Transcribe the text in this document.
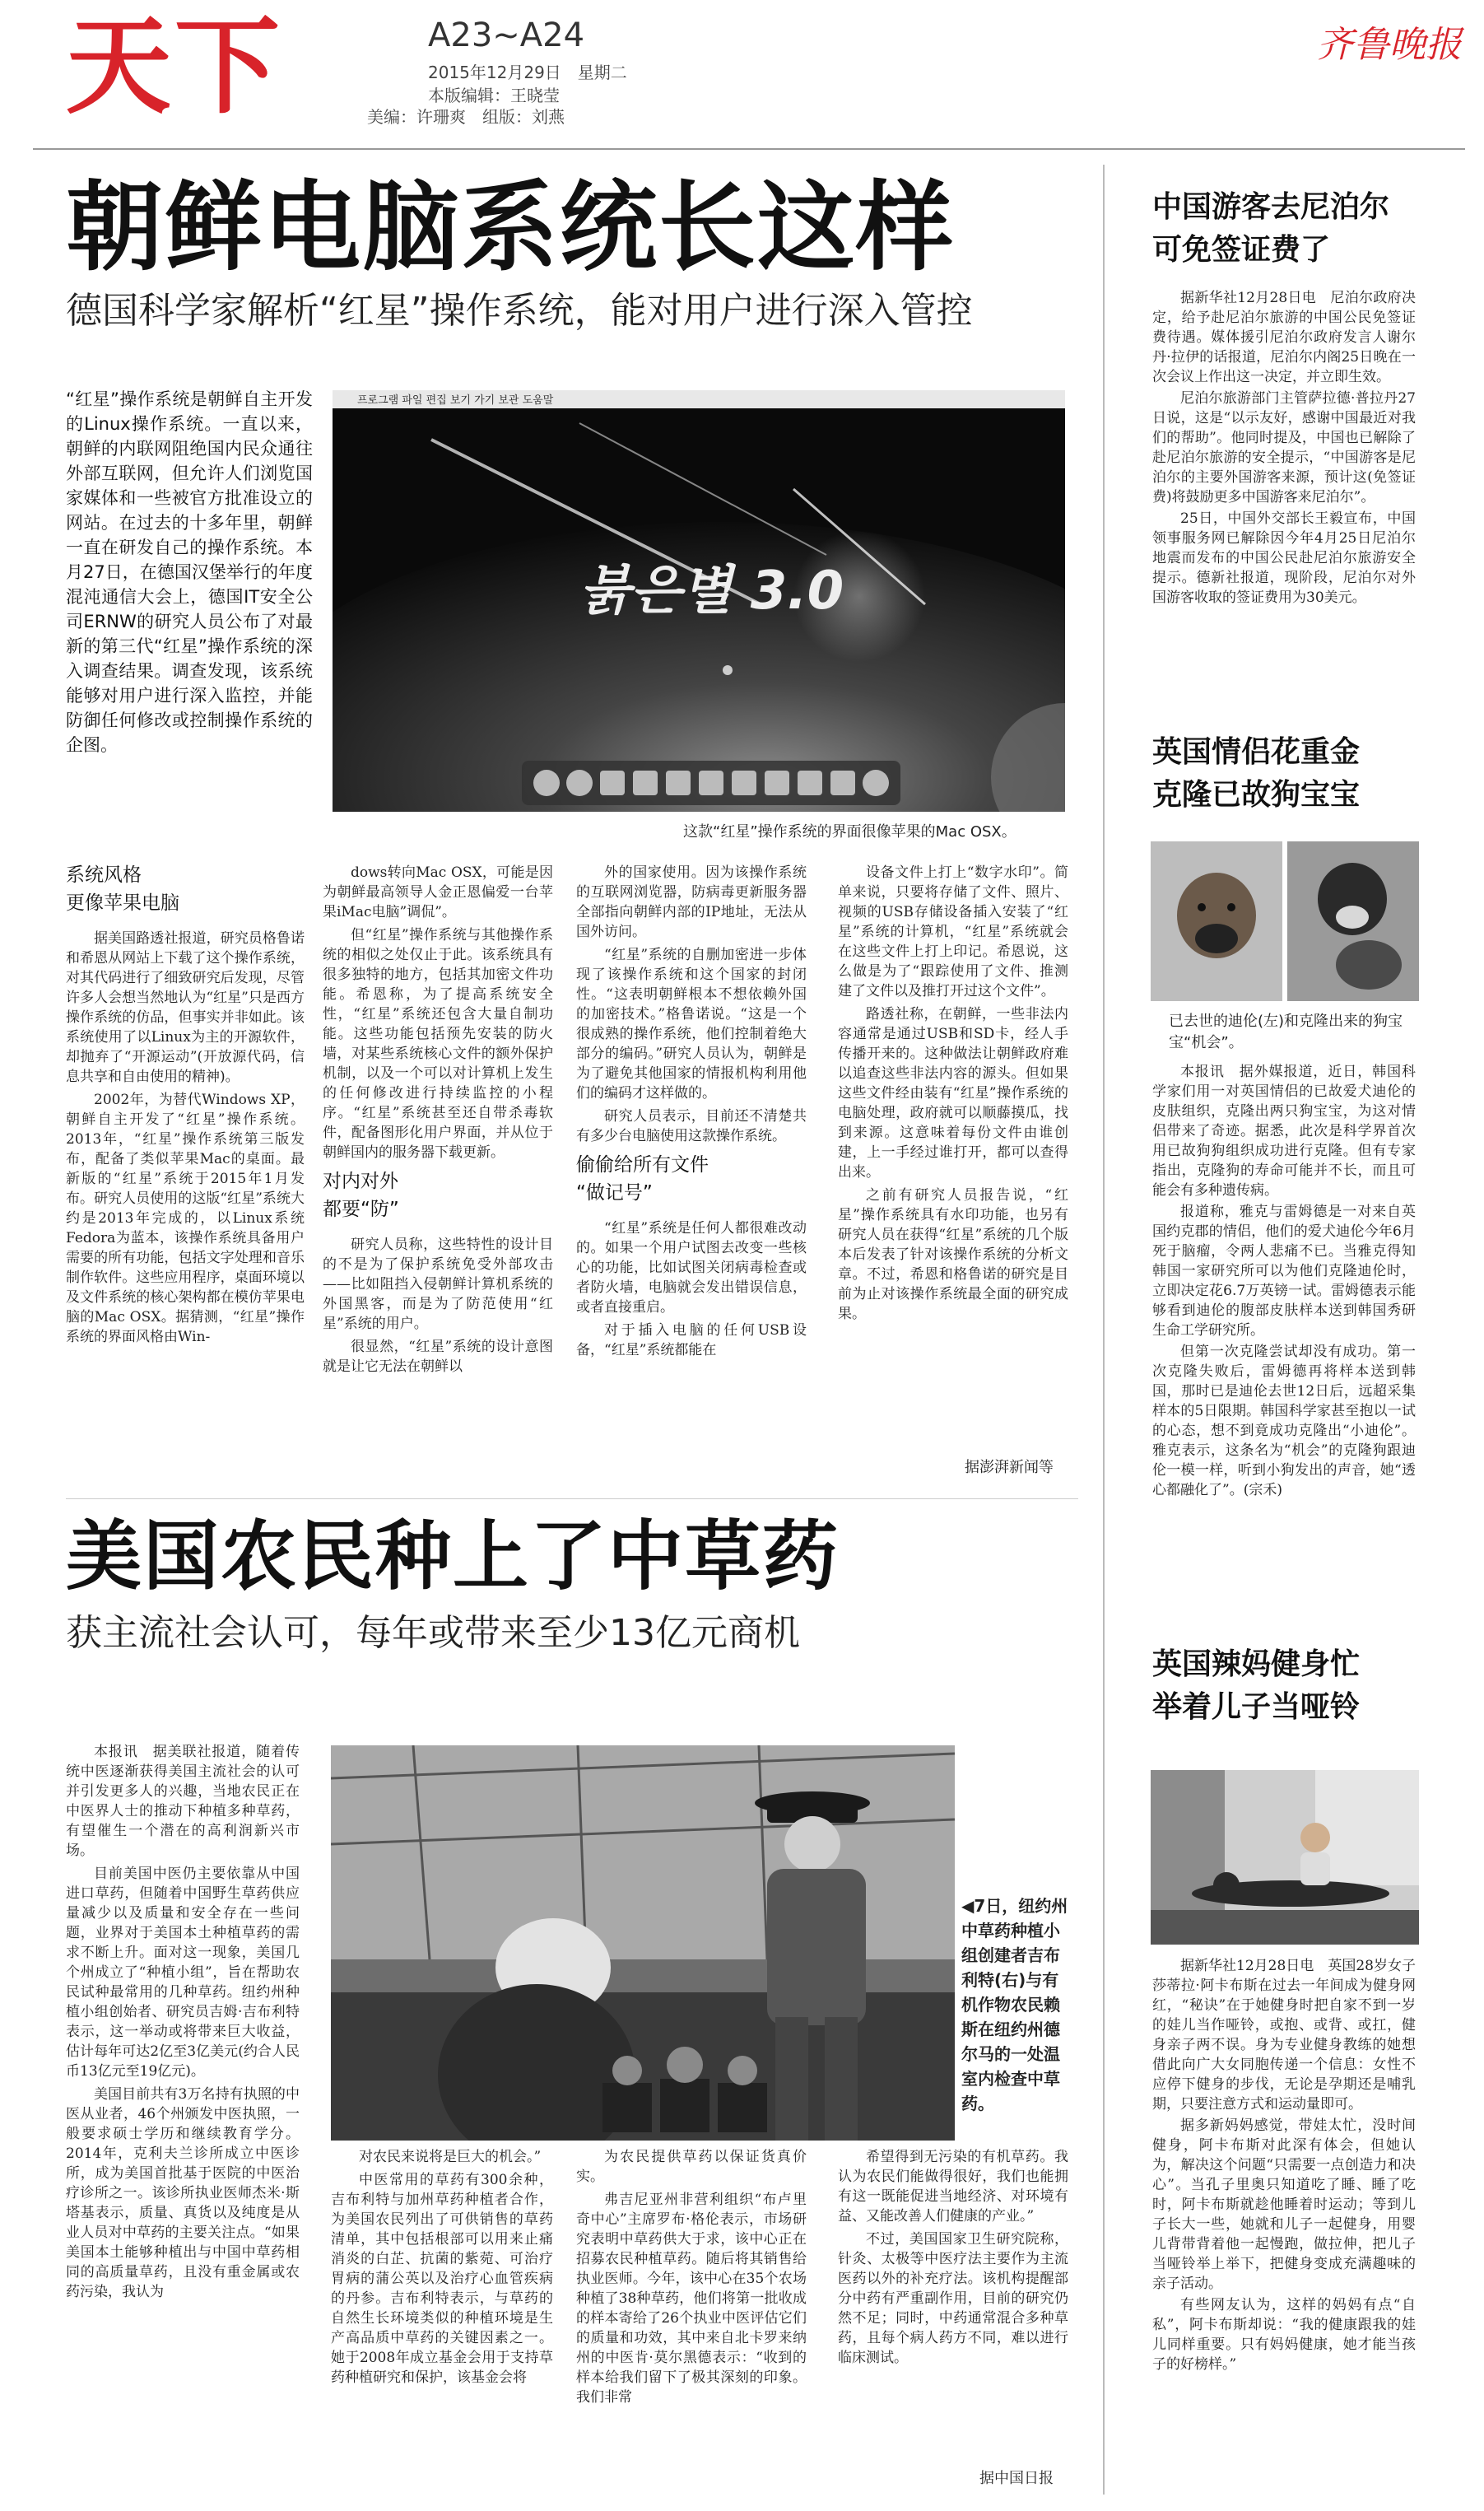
天下	A23~A24	齐鲁晚报
2015年12月29日　星期二
本版编辑：王晓莹
美编：许珊爽　组版：刘燕
朝鲜电脑系统长这样
德国科学家解析“红星”操作系统，能对用户进行深入管控
“红星”操作系统是朝鲜自主开发的Linux操作系统。一直以来，朝鲜的内联网阻绝国内民众通往外部互联网，但允许人们浏览国家媒体和一些被官方批准设立的网站。在过去的十多年里，朝鲜一直在研发自己的操作系统。本月27日，在德国汉堡举行的年度混沌通信大会上，德国IT安全公司ERNW的研究人员公布了对最新的第三代“红星”操作系统的深入调查结果。调查发现，该系统能够对用户进行深入监控，并能防御任何修改或控制操作系统的企图。
프로그램 파일 편집 보기 가기 보관 도움말
붉은별 3.0
这款“红星”操作系统的界面很像苹果的Mac OSX。
系统风格
更像苹果电脑

据美国路透社报道，研究员格鲁诺和希恩从网站上下载了这个操作系统，对其代码进行了细致研究后发现，尽管许多人会想当然地认为“红星”只是西方操作系统的仿品，但事实并非如此。该系统使用了以Linux为主的开源软件，却抛弃了“开源运动”(开放源代码，信息共享和自由使用的精神)。

2002年，为替代Windows XP，朝鲜自主开发了“红星”操作系统。2013年，“红星”操作系统第三版发布，配备了类似苹果Mac的桌面。最新版的“红星”系统于2015年1月发布。研究人员使用的这版“红星”系统大约是2013年完成的，以Linux系统Fedora为蓝本，该操作系统具备用户需要的所有功能，包括文字处理和音乐制作软件。这些应用程序，桌面环境以及文件系统的核心架构都在模仿苹果电脑的Mac OSX。据猜测，“红星”操作系统的界面风格由Win-

dows转向Mac OSX，可能是因为朝鲜最高领导人金正恩偏爱一台苹果iMac电脑”调侃”。

但“红星”操作系统与其他操作系统的相似之处仅止于此。该系统具有很多独特的地方，包括其加密文件功能。希恩称，为了提高系统安全性，“红星”系统还包含大量自制功能。这些功能包括预先安装的防火墙，对某些系统核心文件的额外保护机制，以及一个可以对计算机上发生的任何修改进行持续监控的小程序。“红星”系统甚至还自带杀毒软件，配备图形化用户界面，并从位于朝鲜国内的服务器下载更新。

对内对外
都要“防”

研究人员称，这些特性的设计目的不是为了保护系统免受外部攻击——比如阻挡入侵朝鲜计算机系统的外国黑客，而是为了防范使用“红星”系统的用户。

很显然，“红星”系统的设计意图就是让它无法在朝鲜以

外的国家使用。因为该操作系统的互联网浏览器，防病毒更新服务器全部指向朝鲜内部的IP地址，无法从国外访问。

“红星”系统的自删加密进一步体现了该操作系统和这个国家的封闭性。“这表明朝鲜根本不想依赖外国的加密技术。”格鲁诺说。“这是一个很成熟的操作系统，他们控制着绝大部分的编码。”研究人员认为，朝鲜是为了避免其他国家的情报机构利用他们的编码才这样做的。

研究人员表示，目前还不清楚共有多少台电脑使用这款操作系统。

偷偷给所有文件
“做记号”

“红星”系统是任何人都很难改动的。如果一个用户试图去改变一些核心的功能，比如试图关闭病毒检查或者防火墙，电脑就会发出错误信息，或者直接重启。

对于插入电脑的任何USB设备，“红星”系统都能在

设备文件上打上“数字水印”。简单来说，只要将存储了文件、照片、视频的USB存储设备插入安装了“红星”系统的计算机，“红星”系统就会在这些文件上打上印记。希恩说，这么做是为了“跟踪使用了文件、推测建了文件以及推打开过这个文件”。

路透社称，在朝鲜，一些非法内容通常是通过USB和SD卡，经人手传播开来的。这种做法让朝鲜政府难以追查这些非法内容的源头。但如果这些文件经由装有“红星”操作系统的电脑处理，政府就可以顺藤摸瓜，找到来源。这意味着每份文件由谁创建，上一手经过谁打开，都可以查得出来。

之前有研究人员报告说，“红星”操作系统具有水印功能，也另有研究人员在获得“红星”系统的几个版本后发表了针对该操作系统的分析文章。不过，希恩和格鲁诺的研究是目前为止对该操作系统最全面的研究成果。

据澎湃新闻等
美国农民种上了中草药
获主流社会认可，每年或带来至少13亿元商机

本报讯　据美联社报道，随着传统中医逐渐获得美国主流社会的认可并引发更多人的兴趣，当地农民正在中医界人士的推动下种植多种草药，有望催生一个潜在的高利润新兴市场。

目前美国中医仍主要依靠从中国进口草药，但随着中国野生草药供应量减少以及质量和安全存在一些问题，业界对于美国本土种植草药的需求不断上升。面对这一现象，美国几个州成立了“种植小组”，旨在帮助农民试种最常用的几种草药。纽约州种植小组创始者、研究员吉姆·吉布利特表示，这一举动或将带来巨大收益，估计每年可达2亿至3亿美元(约合人民币13亿元至19亿元)。

美国目前共有3万名持有执照的中医从业者，46个州颁发中医执照，一般要求硕士学历和继续教育学分。2014年，克利夫兰诊所成立中医诊所，成为美国首批基于医院的中医治疗诊所之一。该诊所执业医师杰米·斯塔基表示，质量、真货以及纯度是从业人员对中草药的主要关注点。“如果美国本土能够种植出与中国中草药相同的高质量草药，且没有重金属或农药污染，我认为

◀7日，纽约州中草药种植小组创建者吉布利特(右)与有机作物农民赖斯在纽约州德尔马的一处温室内检查中草药。

对农民来说将是巨大的机会。”

中医常用的草药有300余种，吉布利特与加州草药种植者合作，为美国农民列出了可供销售的草药清单，其中包括根部可以用来止痛消炎的白芷、抗菌的紫菀、可治疗胃病的蒲公英以及治疗心血管疾病的丹参。吉布利特表示，与草药的自然生长环境类似的种植环境是生产高品质中草药的关键因素之一。她于2008年成立基金会用于支持草药种植研究和保护，该基金会将

为农民提供草药以保证货真价实。

弗吉尼亚州非营利组织“布卢里奇中心”主席罗布·格伦表示，市场研究表明中草药供大于求，该中心正在招募农民种植草药。随后将其销售给执业医师。今年，该中心在35个农场种植了38种草药，他们将第一批收成的样本寄给了26个执业中医评估它们的质量和功效，其中来自北卡罗来纳州的中医肯·莫尔黑德表示：“收到的样本给我们留下了极其深刻的印象。我们非常

希望得到无污染的有机草药。我认为农民们能做得很好，我们也能拥有这一既能促进当地经济、对环境有益、又能改善人们健康的产业。”

不过，美国国家卫生研究院称，针灸、太极等中医疗法主要作为主流医药以外的补充疗法。该机构提醒部分中药有严重副作用，目前的研究仍然不足；同时，中药通常混合多种草药，且每个病人药方不同，难以进行临床测试。

据中国日报
中国游客去尼泊尔
可免签证费了

据新华社12月28日电　尼泊尔政府决定，给予赴尼泊尔旅游的中国公民免签证费待遇。媒体援引尼泊尔政府发言人谢尔丹·拉伊的话报道，尼泊尔内阁25日晚在一次会议上作出这一决定，并立即生效。

尼泊尔旅游部门主管萨拉德·普拉丹27日说，这是“以示友好，感谢中国最近对我们的帮助”。他同时提及，中国也已解除了赴尼泊尔旅游的安全提示，“中国游客是尼泊尔的主要外国游客来源，预计这(免签证费)将鼓励更多中国游客来尼泊尔”。

25日，中国外交部长王毅宣布，中国领事服务网已解除因今年4月25日尼泊尔地震而发布的中国公民赴尼泊尔旅游安全提示。德新社报道，现阶段，尼泊尔对外国游客收取的签证费用为30美元。

英国情侣花重金
克隆已故狗宝宝
已去世的迪伦(左)和克隆出来的狗宝宝“机会”。

本报讯　据外媒报道，近日，韩国科学家们用一对英国情侣的已故爱犬迪伦的皮肤组织，克隆出两只狗宝宝，为这对情侣带来了奇迹。据悉，此次是科学界首次用已故狗狗组织成功进行克隆。但有专家指出，克隆狗的寿命可能并不长，而且可能会有多种遗传病。

报道称，雅克与雷姆德是一对来自英国约克郡的情侣，他们的爱犬迪伦今年6月死于脑瘤，令两人悲痛不已。当雅克得知韩国一家研究所可以为他们克隆迪伦时，立即决定花6.7万英镑一试。雷姆德表示能够看到迪伦的腹部皮肤样本送到韩国秀研生命工学研究所。

但第一次克隆尝试却没有成功。第一次克隆失败后，雷姆德再将样本送到韩国，那时已是迪伦去世12日后，远超采集样本的5日限期。韩国科学家甚至抱以一试的心态，想不到竟成功克隆出“小迪伦”。雅克表示，这条名为“机会”的克隆狗跟迪伦一模一样，听到小狗发出的声音，她“透心都融化了”。(宗禾)

英国辣妈健身忙
举着儿子当哑铃

据新华社12月28日电　英国28岁女子莎蒂拉·阿卡布斯在过去一年间成为健身网红，“秘诀”在于她健身时把自家不到一岁的娃儿当作哑铃，或抱、或背、或扛，健身亲子两不误。身为专业健身教练的她想借此向广大女同胞传递一个信息：女性不应停下健身的步伐，无论是孕期还是哺乳期，只要注意方式和运动量即可。

据多新妈妈感觉，带娃太忙，没时间健身，阿卡布斯对此深有体会，但她认为，解决这个问题“只需要一点创造力和决心”。当孔子里奥只知道吃了睡、睡了吃时，阿卡布斯就趁他睡着时运动；等到儿子长大一些，她就和儿子一起健身，用婴儿背带背着他一起慢跑，做拉伸，把儿子当哑铃举上举下，把健身变成充满趣味的亲子活动。

有些网友认为，这样的妈妈有点“自私”，阿卡布斯却说：“我的健康跟我的娃儿同样重要。只有妈妈健康，她才能当孩子的好榜样。”
